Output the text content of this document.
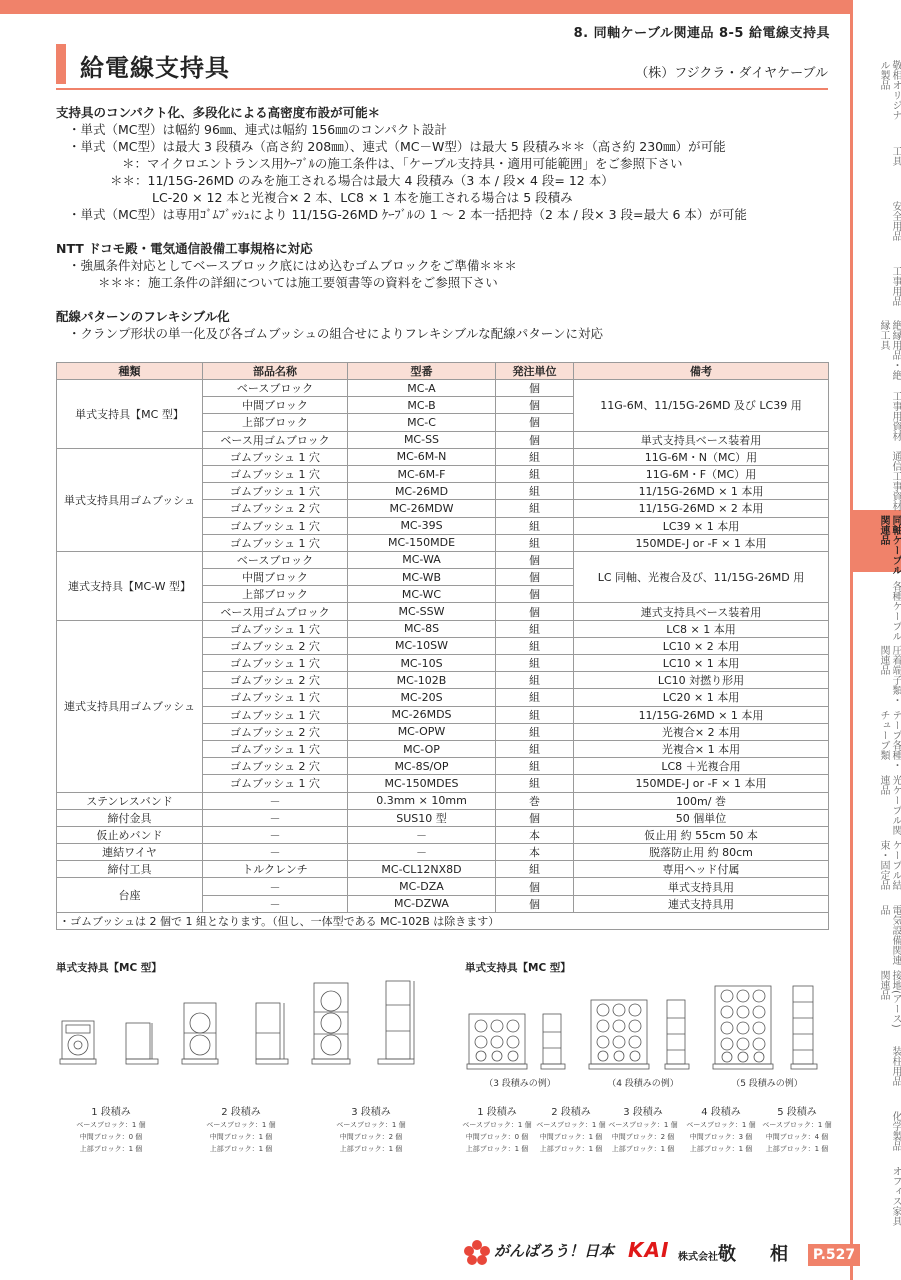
8. 同軸ケーブル関連品 8-5 給電線支持具
給電線支持具	（株）フジクラ・ダイヤケーブル
支持具のコンパクト化、多段化による高密度布設が可能＊
・単式（MC型）は幅約 96㎜、連式は幅約 156㎜のコンパクト設計
・単式（MC型）は最大 3 段積み（高さ約 208㎜）、連式（MC－W型）は最大 5 段積み＊＊（高さ約 230㎜）が可能
＊：マイクロエントランス用ｹｰﾌﾞﾙの施工条件は、「ケーブル支持具・適用可能範囲」をご参照下さい
＊＊：11/15G-26MD のみを施工される場合は最大 4 段積み（3 本 / 段× 4 段= 12 本）
LC-20 × 12 本と光複合× 2 本、LC8 × 1 本を施工される場合は 5 段積み
・単式（MC型）は専用ｺﾞﾑﾌﾞｯｼｭにより 11/15G-26MD ｹｰﾌﾞﾙの 1 ～ 2 本一括把持（2 本 / 段× 3 段=最大 6 本）が可能
NTT ドコモ殿・電気通信設備工事規格に対応
・強風条件対応としてベースブロック底にはめ込むゴムブロックをご準備＊＊＊
＊＊＊：施工条件の詳細については施工要領書等の資料をご参照下さい
配線パターンのフレキシブル化
・クランプ形状の単一化及び各ゴムブッシュの組合せによりフレキシブルな配線パターンに対応
種類	部品名称	型番	発注単位	備考
単式支持具【MC 型】	ベースブロック	MC-A	個	11G-6M、11/15G-26MD 及び LC39 用
	中間ブロック	MC-B	個	
	上部ブロック	MC-C	個	
	ベース用ゴムブロック	MC-SS	個	単式支持具ベース装着用
単式支持具用ゴムブッシュ	ゴムブッシュ 1 穴	MC-6M-N	組	11G-6M・N（MC）用
	ゴムブッシュ 1 穴	MC-6M-F	組	11G-6M・F（MC）用
	ゴムブッシュ 1 穴	MC-26MD	組	11/15G-26MD × 1 本用
	ゴムブッシュ 2 穴	MC-26MDW	組	11/15G-26MD × 2 本用
	ゴムブッシュ 1 穴	MC-39S	組	LC39 × 1 本用
	ゴムブッシュ 1 穴	MC-150MDE	組	150MDE-J or -F × 1 本用
連式支持具【MC-W 型】	ベースブロック	MC-WA	個	LC 同軸、光複合及び、11/15G-26MD 用
	中間ブロック	MC-WB	個	
	上部ブロック	MC-WC	個	
	ベース用ゴムブロック	MC-SSW	個	連式支持具ベース装着用
連式支持具用ゴムブッシュ	ゴムブッシュ 1 穴	MC-8S	組	LC8 × 1 本用
	ゴムブッシュ 2 穴	MC-10SW	組	LC10 × 2 本用
	ゴムブッシュ 1 穴	MC-10S	組	LC10 × 1 本用
	ゴムブッシュ 2 穴	MC-102B	組	LC10 対撚り形用
	ゴムブッシュ 1 穴	MC-20S	組	LC20 × 1 本用
	ゴムブッシュ 1 穴	MC-26MDS	組	11/15G-26MD × 1 本用
	ゴムブッシュ 2 穴	MC-OPW	組	光複合× 2 本用
	ゴムブッシュ 1 穴	MC-OP	組	光複合× 1 本用
	ゴムブッシュ 2 穴	MC-8S/OP	組	LC8 ＋光複合用
	ゴムブッシュ 1 穴	MC-150MDES	組	150MDE-J or -F × 1 本用
ステンレスバンド	－	0.3mm × 10mm	巻	100m/ 巻
締付金具	－	SUS10 型	個	50 個単位
仮止めバンド	－	－	本	仮止用 約 55cm 50 本
連結ワイヤ	－	－	本	脱落防止用 約 80cm
締付工具	トルクレンチ	MC-CL12NX8D	組	専用ヘッド付属
台座	－	MC-DZA	個	単式支持具用
	－	MC-DZWA	個	連式支持具用
・ゴムブッシュは 2 個で 1 組となります。（但し、一体型である MC-102B は除きます）				
単式支持具【MC 型】	単式支持具【MC 型】
（3 段積みの例）	（4 段積みの例）	（5 段積みの例）
1 段積み
ベースブロック：1 個
中間ブロック：0 個
上部ブロック：1 個
2 段積み
ベースブロック：1 個
中間ブロック：1 個
上部ブロック：1 個
3 段積み
ベースブロック：1 個
中間ブロック：2 個
上部ブロック：1 個
1 段積み
ベースブロック：1 個
中間ブロック：0 個
上部ブロック：1 個
2 段積み
ベースブロック：1 個
中間ブロック：1 個
上部ブロック：1 個
3 段積み
ベースブロック：1 個
中間ブロック：2 個
上部ブロック：1 個
4 段積み
ベースブロック：1 個
中間ブロック：3 個
上部ブロック：1 個
5 段積み
ベースブロック：1 個
中間ブロック：4 個
上部ブロック：1 個
敬相オリジナル製品
工具
安全用品
工事用品
絶縁用品・絶縁工具
工事用資材
通信工事資材
同軸ケーブル関連品
各種ケーブル
圧着端子類・関連品
テープ各種・チューブ類
光ケーブル関連品
ケーブル結束・固定品
電気設備関連品
接地(アース)関連品
装柱用品
化学製品
オフィス家具
がんばろう！日本 KAI 株式会社 敬　相	P.527
